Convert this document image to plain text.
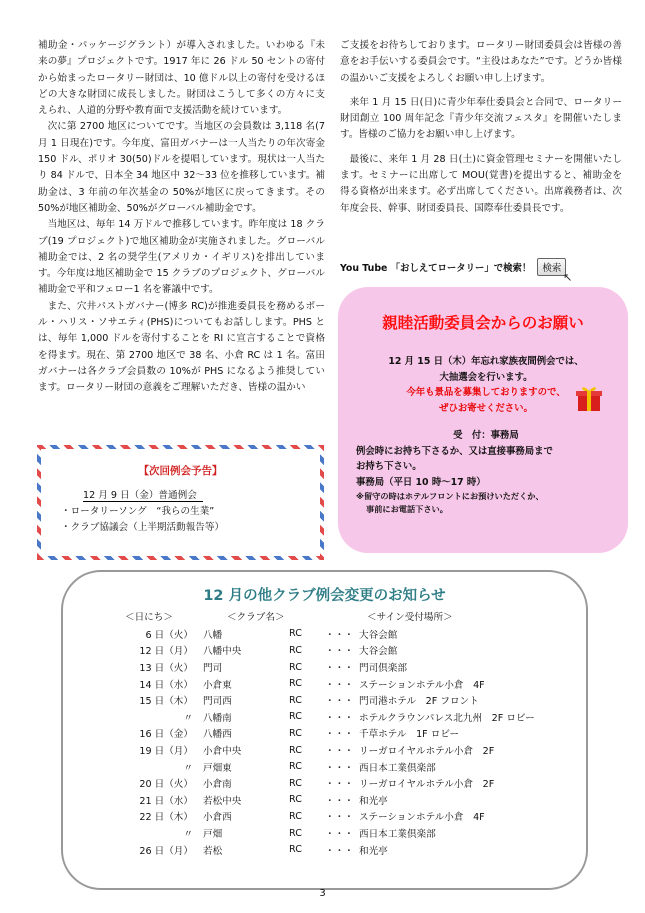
補助金・パッケージグラント）が導入されました。いわゆる『未来の夢』プロジェクトです。1917 年に 26 ドル 50 セントの寄付から始まったロータリー財団は、10 億ドル以上の寄付を受けるほどの大きな財団に成長しました。財団はこうして多くの方々に支えられ、人道的分野や教育面で支援活動を続けています。

次に第 2700 地区についてです。当地区の会員数は 3,118 名(7 月 1 日現在)です。今年度、富田ガバナーは一人当たりの年次寄金 150 ドル、ポリオ 30(50)ドルを提唱しています。現状は一人当たり 84 ドルで、日本全 34 地区中 32～33 位を推移しています。補助金は、3 年前の年次基金の 50%が地区に戻ってきます。その 50%が地区補助金、50%がグローバル補助金です。

当地区は、毎年 14 万ドルで推移しています。昨年度は 18 クラブ(19 プロジェクト)で地区補助金が実施されました。グローバル補助金では、2 名の奨学生(アメリカ・イギリス)を排出しています。今年度は地区補助金で 15 クラブのプロジェクト、グローバル補助金で平和フェロー1 名を審議中です。

また、穴井パストガバナー(博多 RC)が推進委員長を務めるポール・ハリス・ソサエティ(PHS)についてもお話しします。PHS とは、毎年 1,000 ドルを寄付することを RI に宣言することで資格を得ます。現在、第 2700 地区で 38 名、小倉 RC は 1 名。富田ガバナーは各クラブ会員数の 10%が PHS になるよう推奨しています。ロータリー財団の意義をご理解いただき、皆様の温かい

ご支援をお待ちしております。ロータリー財団委員会は皆様の善意をお手伝いする委員会です。“主役はあなた”です。どうか皆様の温かいご支援をよろしくお願い申し上げます。

来年 1 月 15 日(日)に青少年奉仕委員会と合同で、ロータリー財団創立 100 周年記念『青少年交流フェスタ』を開催いたします。皆様のご協力をお願い申し上げます。

最後に、来年 1 月 28 日(土)に資金管理セミナーを開催いたします。セミナーに出席して MOU(覚書)を提出すると、補助金を得る資格が出来ます。必ず出席してください。出席義務者は、次年度会長、幹事、財団委員長、国際奉仕委員長です。

You Tube 「おしえてロータリー」で検索！	検索
↖
【次回例会予告】
12 月 9 日（金）普通例会
・ ロータリーソング　“我らの生業”
・ クラブ協議会（上半期活動報告等）
親睦活動委員会からのお願い
12 月 15 日（木）年忘れ家族夜間例会では、
大抽選会を行います。
今年も景品を募集しておりますので、
ぜひお寄せください。
受　付：事務局
例会時にお持ち下さるか、又は直接事務局まで
お持ち下さい。
事務局（平日 10 時～17 時）
※留守の時はホテルフロントにお預けいただくか、
事前にお電話下さい。
12 月の他クラブ例会変更のお知らせ
＜日にち＞	＜クラブ名＞	＜サイン受付場所＞
6 日（火）	八幡	RC	・・・ 大谷会館
12 日（月）	八幡中央	RC	・・・ 大谷会館
13 日（火）	門司	RC	・・・ 門司倶楽部
14 日（水）	小倉東	RC	・・・ ステーションホテル小倉　4F
15 日（木）	門司西	RC	・・・ 門司港ホテル　2F フロント
〃	八幡南	RC	・・・ ホテルクラウンパレス北九州　2F ロビー
16 日（金）	八幡西	RC	・・・ 千草ホテル　1F ロビー
19 日（月）	小倉中央	RC	・・・ リーガロイヤルホテル小倉　2F
〃	戸畑東	RC	・・・ 西日本工業倶楽部
20 日（火）	小倉南	RC	・・・ リーガロイヤルホテル小倉　2F
21 日（水）	若松中央	RC	・・・ 和光亭
22 日（木）	小倉西	RC	・・・ ステーションホテル小倉　4F
〃	戸畑	RC	・・・ 西日本工業倶楽部
26 日（月）	若松	RC	・・・ 和光亭
3
